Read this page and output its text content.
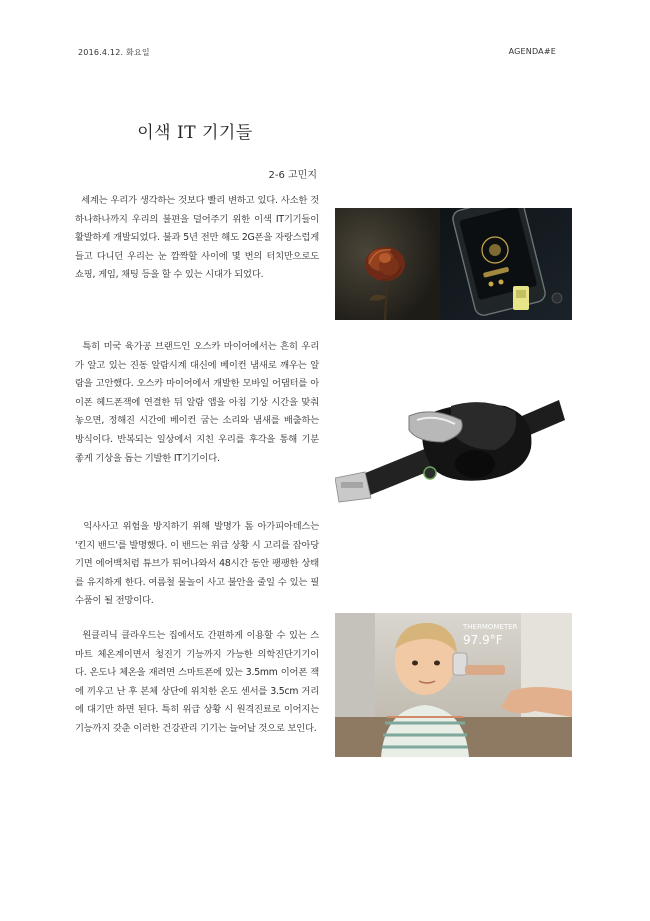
2016.4.12. 화요일	AGENDA#E
이색 IT 기기들
2-6 고민지

세계는 우리가 생각하는 것보다 빨리 변하고 있다. 사소한 것 하나하나까지 우리의 불편을 덜어주기 위한 이색 IT기기들이 활발하게 개발되었다. 불과 5년 전만 해도 2G폰을 자랑스럽게 들고 다니던 우리는 눈 깜짝할 사이에 몇 번의 터치만으로도 쇼핑, 게임, 채팅 등을 할 수 있는 시대가 되었다.

특히 미국 육가공 브랜드인 오스카 마이어에서는 흔히 우리가 알고 있는 진동 알람시계 대신에 베이컨 냄새로 깨우는 알람을 고안했다. 오스카 마이어에서 개발한 모바일 어댑터를 아이폰 헤드폰잭에 연결한 뒤 알람 앱을 아침 기상 시간을 맞춰놓으면, 정해진 시간에 베이컨 굽는 소리와 냄새를 배출하는 방식이다. 반복되는 일상에서 지친 우리를 후각을 통해 기분 좋게 기상을 돕는 기발한 IT기기이다.

익사사고 위험을 방지하기 위해 발명가 톰 아가피아데스는 '킨지 밴드'를 발명했다. 이 밴드는 위급 상황 시 고리를 잡아당기면 에어백처럼 튜브가 튀어나와서 48시간 동안 팽팽한 상태를 유지하게 한다. 여름철 물놀이 사고 불안을 줄일 수 있는 필수품이 될 전망이다.

원클리닉 클라우드는 집에서도 간편하게 이용할 수 있는 스마트 체온계이면서 청진기 기능까지 가능한 의학진단기기이다. 온도나 체온을 재려면 스마트폰에 있는 3.5mm 이어폰 잭에 끼우고 난 후 본체 상단에 위치한 온도 센서를 3.5cm 거리에 대기만 하면 된다. 특히 위급 상황 시 원격진료로 이어지는 기능까지 갖춘 이러한 건강관리 기기는 늘어날 것으로 보인다.

THERMOMETER
97.9°F
